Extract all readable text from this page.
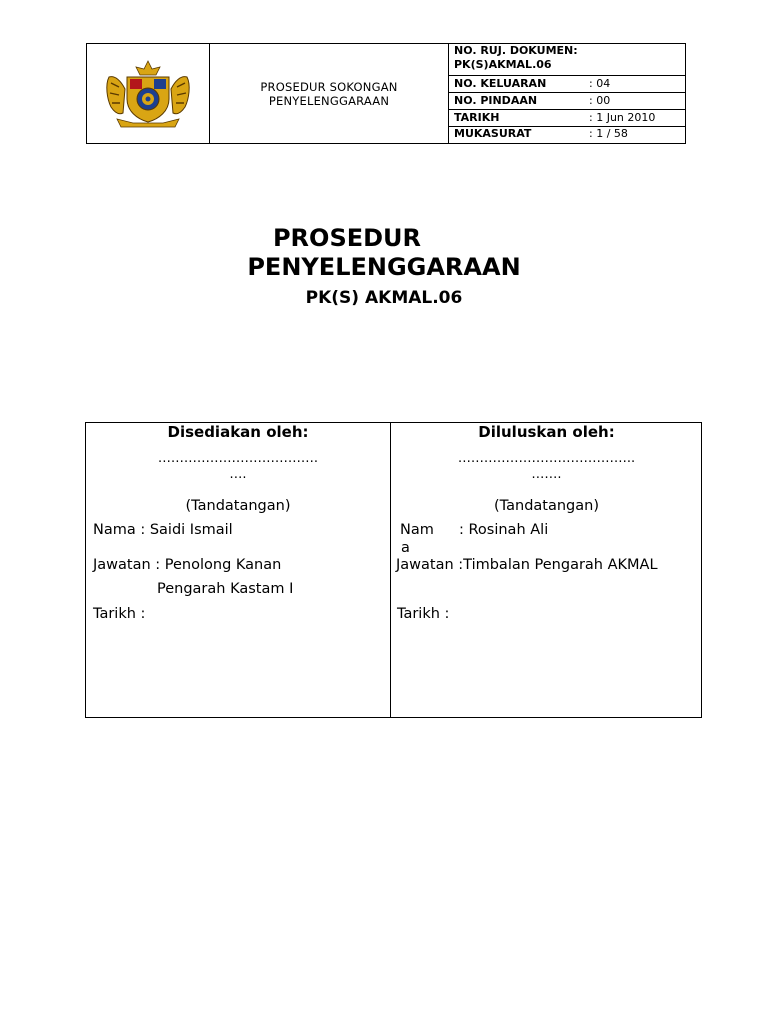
PROSEDUR SOKONGAN
PENYELENGGARAAN
NO. RUJ. DOKUMEN:
PK(S)AKMAL.06
NO. KELUARAN	: 04
NO. PINDAAN	: 00
TARIKH	: 1 Jun 2010
MUKASURAT	: 1 / 58
PROSEDUR
PENYELENGGARAAN
PK(S) AKMAL.06
Disediakan oleh:
……………………………….
….
(Tandatangan)
Nama : Saidi Ismail
Jawatan : Penolong Kanan
Pengarah Kastam I
Tarikh :
Diluluskan oleh:
…………………………………..
…….
(Tandatangan)
Nam
a
: Rosinah Ali
Jawatan :Timbalan Pengarah AKMAL
Tarikh :
